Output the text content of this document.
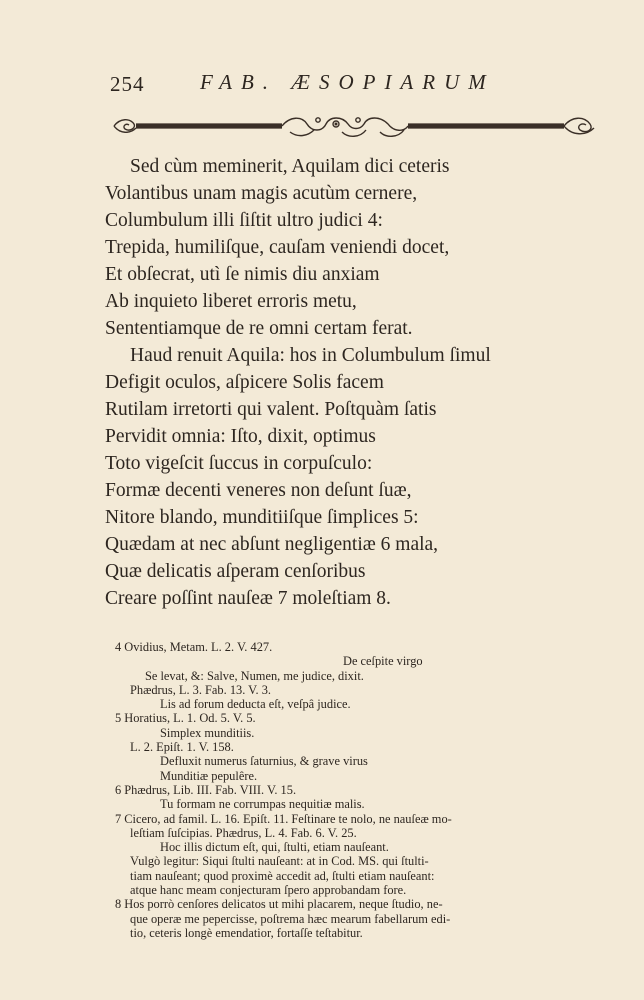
254	FAB. ÆSOPIARUM
Sed cùm meminerit, Aquilam dici ceteris
Volantibus unam magis acutùm cernere,
Columbulum illi ſiſtit ultro judici 4:
Trepida, humiliſque, cauſam veniendi docet,
Et obſecrat, utì ſe nimis diu anxiam
Ab inquieto liberet erroris metu,
Sententiamque de re omni certam ferat.
Haud renuit Aquila: hos in Columbulum ſimul
Defigit oculos, aſpicere Solis facem
Rutilam irretorti qui valent. Poſtquàm ſatis
Pervidit omnia: Iſto, dixit, optimus
Toto vigeſcit ſuccus in corpuſculo:
Formæ decenti veneres non deſunt ſuæ,
Nitore blando, munditiiſque ſimplices 5:
Quædam at nec abſunt negligentiæ 6 mala,
Quæ delicatis aſperam cenſoribus
Creare poſſint nauſeæ 7 moleſtiam 8.
4 Ovidius, Metam. L. 2. V. 427.
De ceſpite virgo
Se levat, &: Salve, Numen, me judice, dixit.
Phædrus, L. 3. Fab. 13. V. 3.
Lis ad forum deducta eſt, veſpâ judice.
5 Horatius, L. 1. Od. 5. V. 5.
Simplex munditiis.
L. 2. Epiſt. 1. V. 158.
Defluxit numerus ſaturnius, & grave virus
Munditiæ pepulêre.
6 Phædrus, Lib. III. Fab. VIII. V. 15.
Tu formam ne corrumpas nequitiæ malis.
7 Cicero, ad famil. L. 16. Epiſt. 11. Feſtinare te nolo, ne nauſeæ mo-
leſtiam ſuſcipias. Phædrus, L. 4. Fab. 6. V. 25.
Hoc illis dictum eſt, qui, ſtulti, etiam nauſeant.
Vulgò legitur: Siqui ſtulti nauſeant: at in Cod. MS. qui ſtulti-
tiam nauſeant; quod proximè accedit ad, ſtulti etiam nauſeant:
atque hanc meam conjecturam ſpero approbandam fore.
8 Hos porrò cenſores delicatos ut mihi placarem, neque ſtudio, ne-
que operæ me pepercisse, poſtrema hæc mearum fabellarum edi-
tio, ceteris longè emendatior, fortaſſe teſtabitur.
